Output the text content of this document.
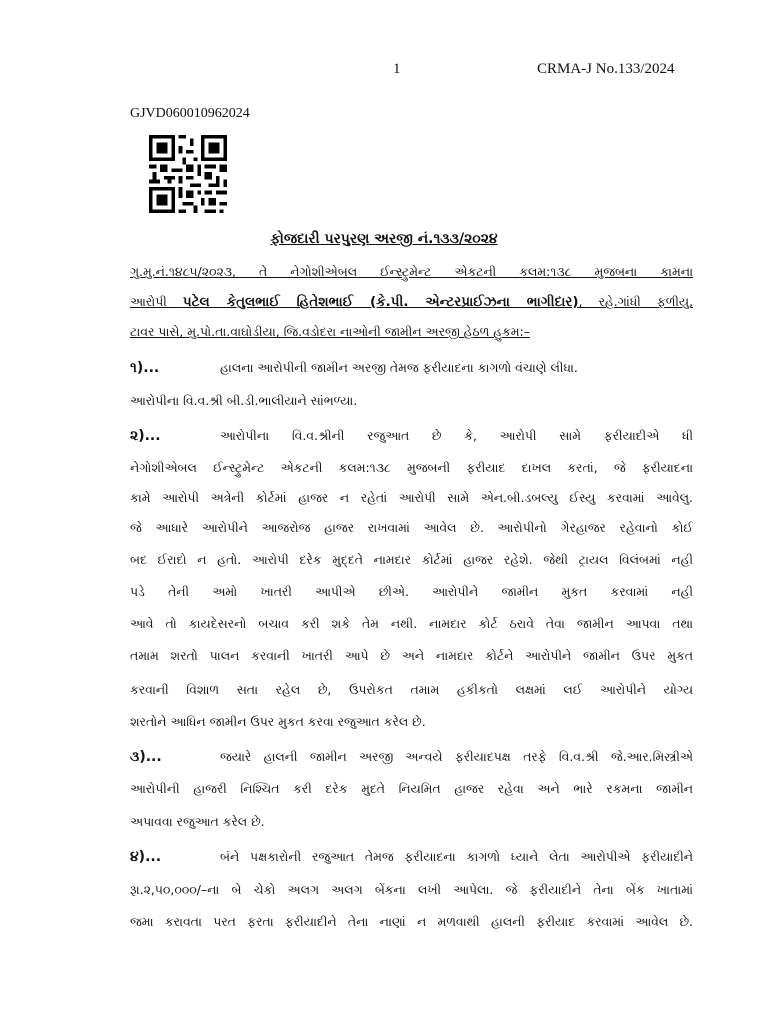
1	CRMA-J No.133/2024
GJVD060010962024
ફોજદારી પરપુરણ અરજી નં.૧૩૩/૨૦૨૪
ગુ.મુ.નં.૧૪૮૫/૨૦૨૩, તે નેગોશીએબલ ઈન્સ્ટ્રુમેન્ટ એકટની કલમ:૧૩૮ મુજબના કામના
આરોપી પટેલ કેતુલભાઈ હિતેશભાઈ (કે.પી. એન્ટરપ્રાઈઝના ભાગીદાર), રહે.ગાંધી ફળીયુ,
ટાવર પાસે, મુ.પો.તા.વાઘોડીયા, જિ.વડોદરા નાઓની જામીન અરજી હેઠળ હુકમ:–
૧)...	હાલના આરોપીની જામીન અરજી તેમજ ફરીયાદના કાગળો વંચાણે લીધા.
આરોપીના વિ.વ.શ્રી બી.ડી.ભાલીયાને સાંભળ્યા.
૨)...	આરોપીના વિ.વ.શ્રીની રજુઆત છે કે, આરોપી સામે ફરીયાદીએ ધી
નેગોશીએબલ ઈન્સ્ટ્રુમેન્ટ એકટની કલમ:૧૩૮ મુજબની ફરીયાદ દાખલ કરતાં, જે ફરીયાદના
કામે આરોપી અત્રેની કોર્ટમાં હાજર ન રહેતાં આરોપી સામે એન.બી.ડબલ્યુ ઈસ્યુ કરવામાં આવેલુ.
જે આધારે આરોપીને આજરોજ હાજર રાખવામાં આવેલ છે. આરોપીનો ગેરહાજર રહેવાનો કોઈ
બદ ઈરાદો ન હતો. આરોપી દરેક મુદ્દતે નામદાર કોર્ટમાં હાજર રહેશે. જેથી ટ્રાયલ વિલંબમાં નહી
પડે તેની અમો ખાતરી આપીએ છીએ. આરોપીને જામીન મુકત કરવામાં નહી
આવે તો કાયદેસરનો બચાવ કરી શકે તેમ નથી. નામદાર કોર્ટ ઠરાવે તેવા જામીન આપવા તથા
તમામ શરતો પાલન કરવાની ખાતરી આપે છે અને નામદાર કોર્ટને આરોપીને જામીન ઉપર મુકત
કરવાની વિશાળ સતા રહેલ છે, ઉપરોકત તમામ હકીકતો લક્ષમાં લઈ આરોપીને યોગ્ય
શરતોને આધિન જામીન ઉપર મુકત કરવા રજુઆત કરેલ છે.
૩)...	જયારે હાલની જામીન અરજી અન્વયે ફરીયાદપક્ષ તરફે વિ.વ.શ્રી જે.આર.મિસ્ત્રીએ
આરોપીની હાજરી નિશ્ચિત કરી દરેક મુદતે નિયમિત હાજર રહેવા અને ભારે રકમના જામીન
અપાવવા રજુઆત કરેલ છે.
૪)...	બંને પક્ષકારોની રજુઆત તેમજ ફરીયાદના કાગળો ધ્યાને લેતા આરોપીએ ફરીયાદીને
રૂા.૨,૫૦,૦૦૦/–ના બે ચેકો અલગ અલગ બેંકના લખી આપેલા. જે ફરીયાદીને તેના બેંક ખાતામાં
જમા કરાવતા પરત ફરતા ફરીયાદીને તેના નાણાં ન મળવાથી હાલની ફરીયાદ કરવામાં આવેલ છે.
